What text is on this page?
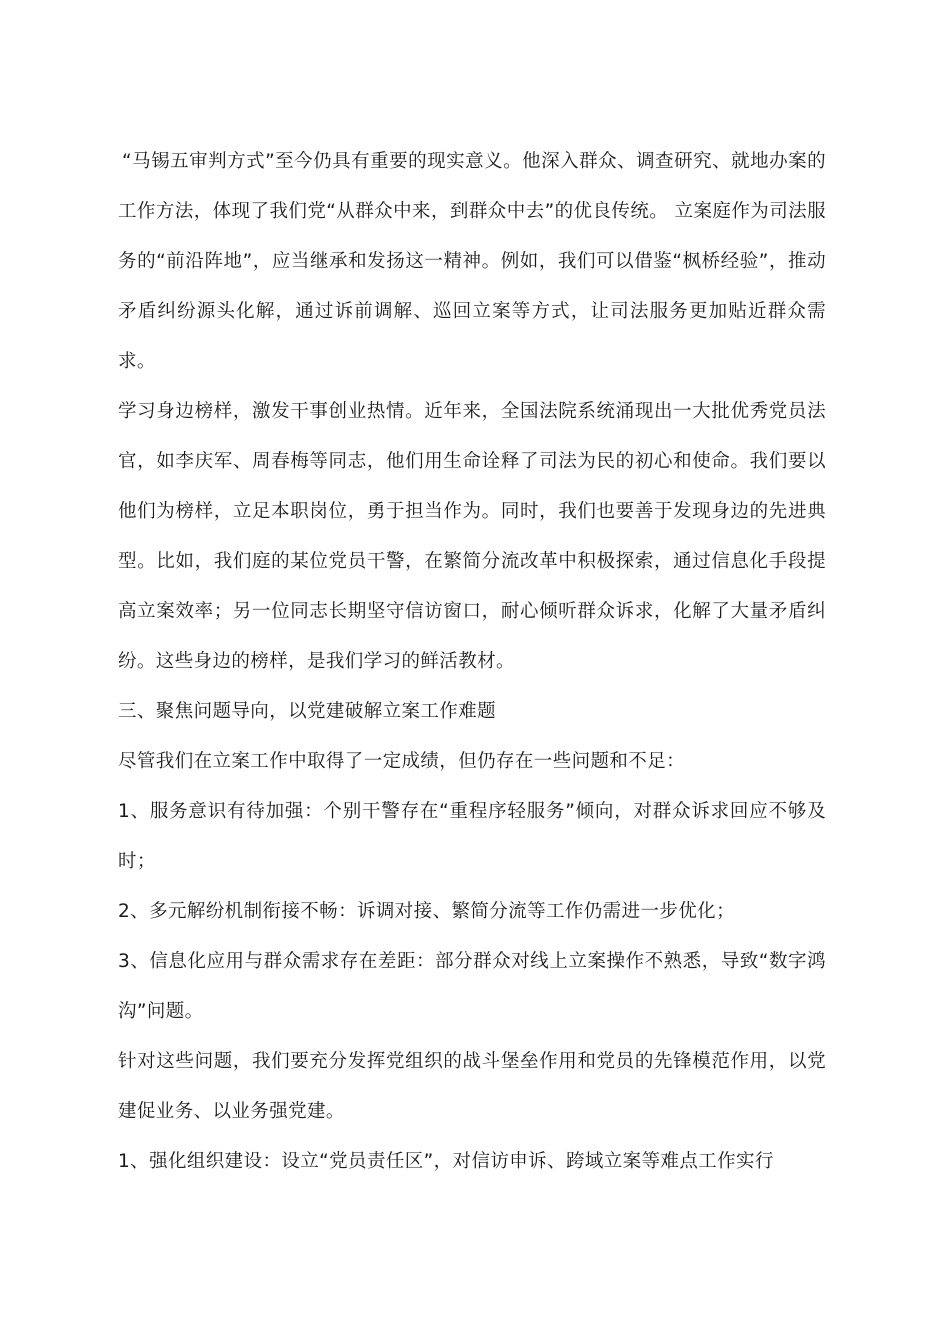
“马锡五审判方式”至今仍具有重要的现实意义。他深入群众、调查研究、就地办案的工作方法，体现了我们党“从群众中来，到群众中去”的优良传统。 立案庭作为司法服务的“前沿阵地”，应当继承和发扬这一精神。例如，我们可以借鉴“枫桥经验”，推动矛盾纠纷源头化解，通过诉前调解、巡回立案等方式，让司法服务更加贴近群众需求。

学习身边榜样，激发干事创业热情。近年来，全国法院系统涌现出一大批优秀党员法官，如李庆军、周春梅等同志，他们用生命诠释了司法为民的初心和使命。我们要以他们为榜样，立足本职岗位，勇于担当作为。同时，我们也要善于发现身边的先进典型。比如，我们庭的某位党员干警，在繁简分流改革中积极探索，通过信息化手段提高立案效率；另一位同志长期坚守信访窗口，耐心倾听群众诉求，化解了大量矛盾纠纷。这些身边的榜样，是我们学习的鲜活教材。

三、聚焦问题导向，以党建破解立案工作难题

尽管我们在立案工作中取得了一定成绩，但仍存在一些问题和不足：

1、服务意识有待加强：个别干警存在“重程序轻服务”倾向，对群众诉求回应不够及时；

2、多元解纷机制衔接不畅：诉调对接、繁简分流等工作仍需进一步优化；

3、信息化应用与群众需求存在差距：部分群众对线上立案操作不熟悉，导致“数字鸿沟”问题。

针对这些问题，我们要充分发挥党组织的战斗堡垒作用和党员的先锋模范作用，以党建促业务、以业务强党建。

1、强化组织建设：设立“党员责任区”，对信访申诉、跨域立案等难点工作实行
